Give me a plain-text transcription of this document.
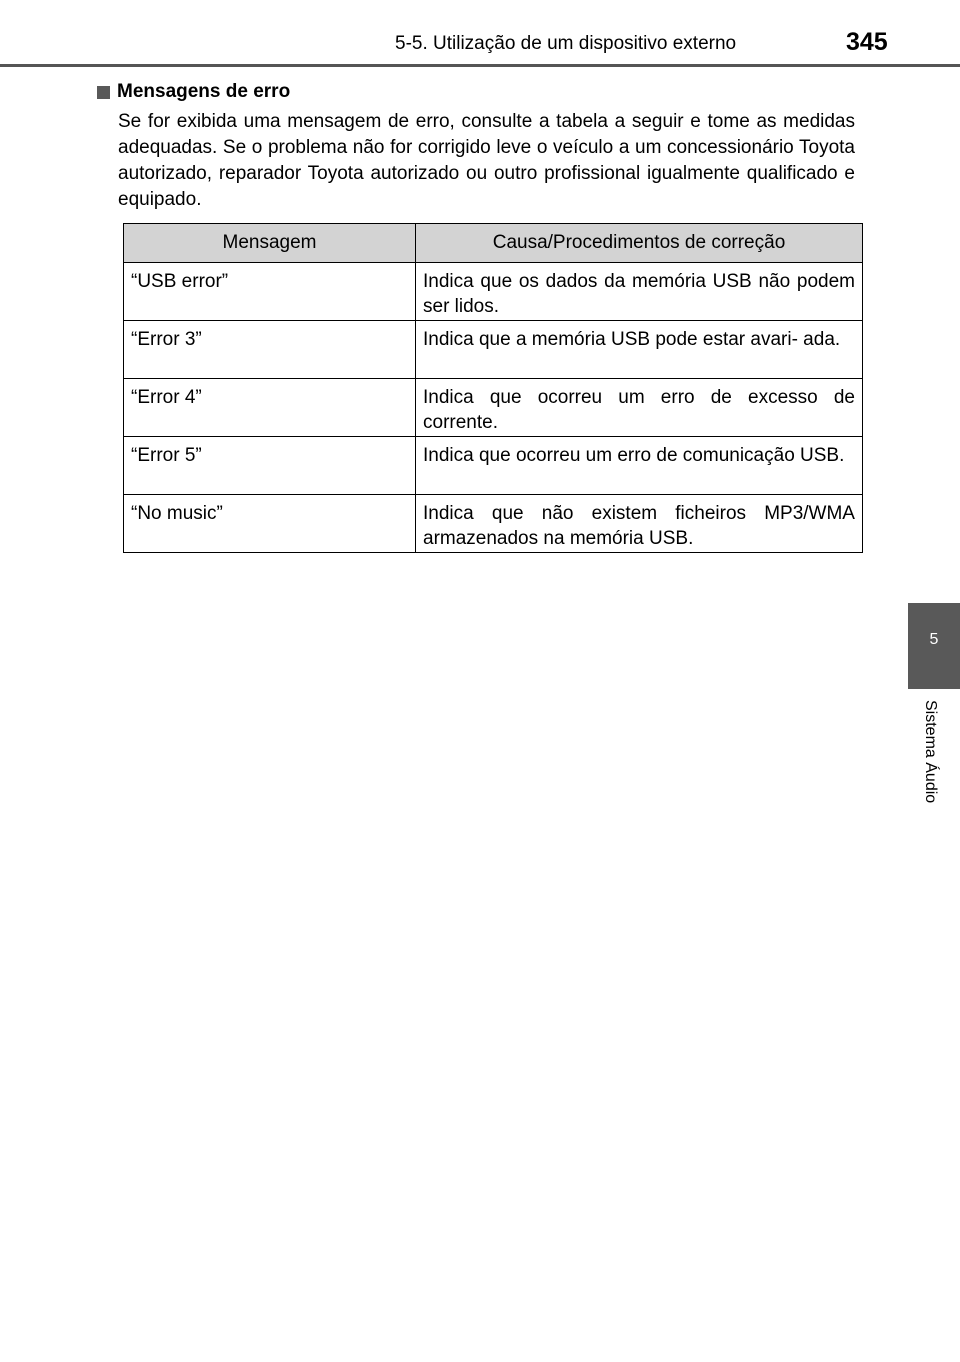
5-5. Utilização de um dispositivo externo	345
5
Sistema Áudio
Mensagens de erro
Se for exibida uma mensagem de erro, consulte a tabela a seguir e tome as medidas adequadas. Se o problema não for corrigido leve o veículo a um concessionário Toyota autorizado, reparador Toyota autorizado ou outro profissional igualmente qualificado e equipado.
Mensagem	Causa/Procedimentos de correção
“USB error”	Indica que os dados da memória USB não podem ser lidos.
“Error 3”	Indica que a memória USB pode estar avari- ada.
“Error 4”	Indica que ocorreu um erro de excesso de corrente.
“Error 5”	Indica que ocorreu um erro de comunicação USB.
“No music”	Indica que não existem ficheiros MP3/WMA armazenados na memória USB.
